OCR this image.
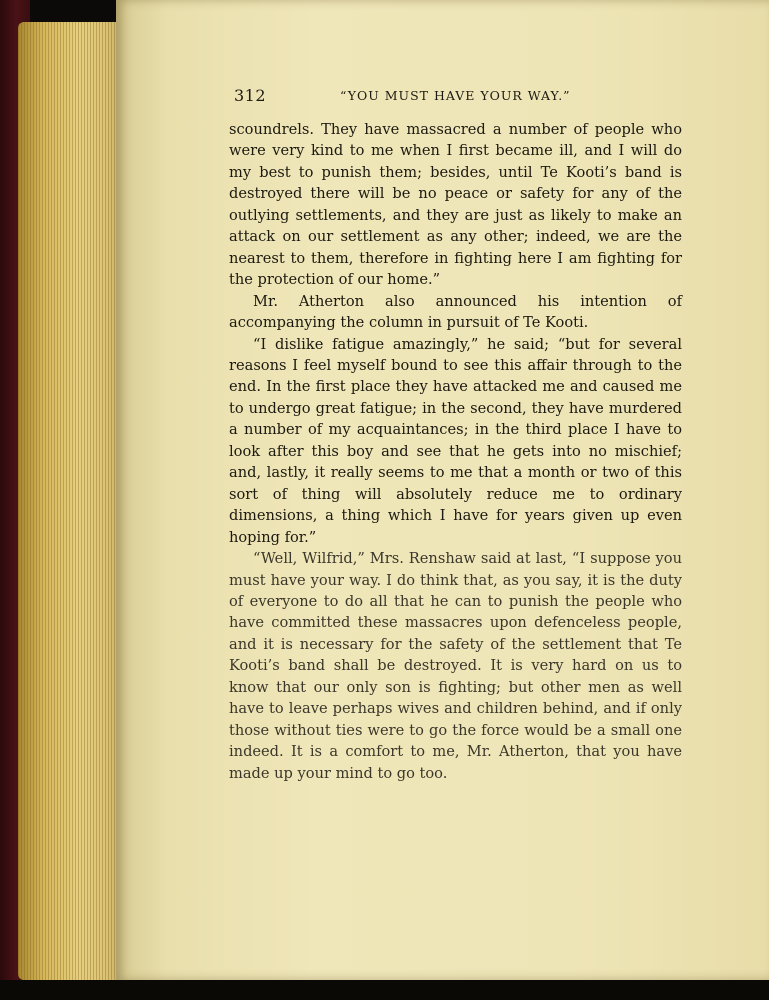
312	“YOU MUST HAVE YOUR WAY.”

scoundrels. They have massacred a number of people who were very kind to me when I first became ill, and I will do my best to punish them; besides, until Te Kooti’s band is destroyed there will be no peace or safety for any of the outlying settlements, and they are just as likely to make an attack on our settlement as any other; indeed, we are the nearest to them, therefore in fighting here I am fighting for the protection of our home.”

Mr. Atherton also announced his intention of accompanying the column in pursuit of Te Kooti.

“I dislike fatigue amazingly,” he said; “but for several reasons I feel myself bound to see this affair through to the end. In the first place they have attacked me and caused me to undergo great fatigue; in the second, they have murdered a number of my acquaintances; in the third place I have to look after this boy and see that he gets into no mischief; and, lastly, it really seems to me that a month or two of this sort of thing will absolutely reduce me to ordinary dimensions, a thing which I have for years given up even hoping for.”

“Well, Wilfrid,” Mrs. Renshaw said at last, “I suppose you must have your way. I do think that, as you say, it is the duty of everyone to do all that he can to punish the people who have committed these massacres upon defenceless people, and it is necessary for the safety of the settlement that Te Kooti’s band shall be destroyed. It is very hard on us to know that our only son is fighting; but other men as well have to leave perhaps wives and children behind, and if only those without ties were to go the force would be a small one indeed. It is a comfort to me, Mr. Atherton, that you have made up your mind to go too.
